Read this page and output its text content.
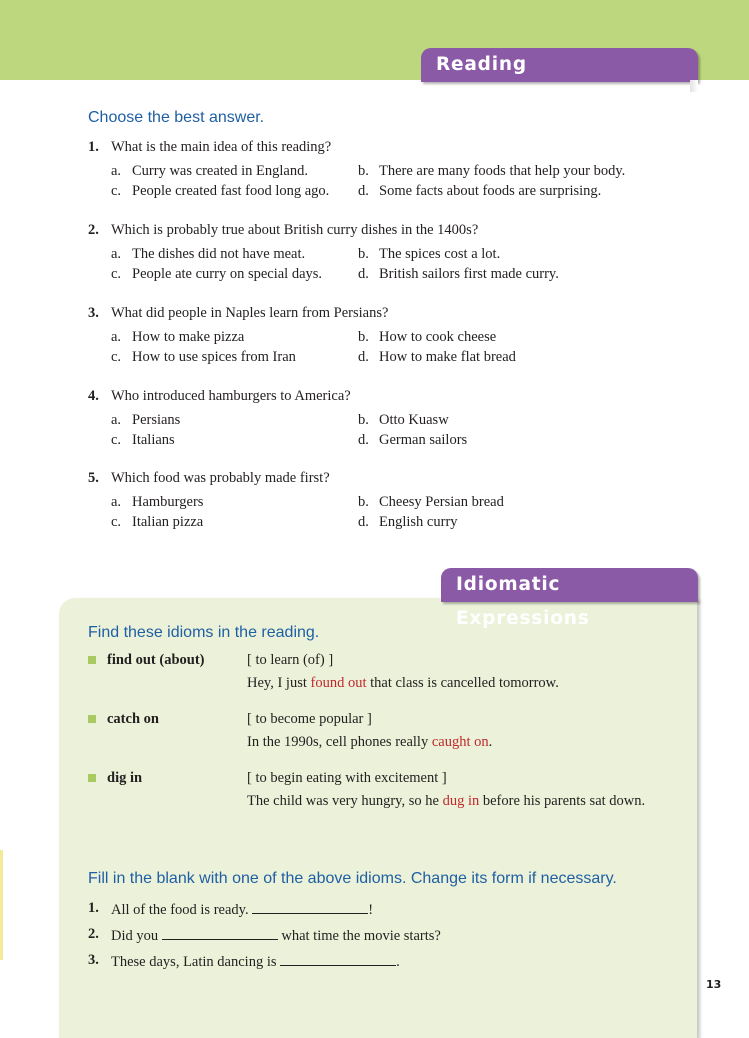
Reading Comprehension
Choose the best answer.
1. What is the main idea of this reading?
a. Curry was created in England.	b. There are many foods that help your body.
c. People created fast food long ago. d. Some facts about foods are surprising.
2. Which is probably true about British curry dishes in the 1400s?
a. The dishes did not have meat.	b. The spices cost a lot.
c. People ate curry on special days. d. British sailors first made curry.
3. What did people in Naples learn from Persians?
a. How to make pizza	b. How to cook cheese
c. How to use spices from Iran	d. How to make flat bread
4. Who introduced hamburgers to America?
a. Persians	b. Otto Kuasw
c. Italians	d. German sailors
5. Which food was probably made first?
a. Hamburgers	b. Cheesy Persian bread
c. Italian pizza	d. English curry
Idiomatic Expressions
Find these idioms in the reading.
find out (about)	[ to learn (of) ]
Hey, I just found out that class is cancelled tomorrow.
catch on	[ to become popular ]
In the 1990s, cell phones really caught on.
dig in	[ to begin eating with excitement ]
The child was very hungry, so he dug in before his parents sat down.
Fill in the blank with one of the above idioms. Change its form if necessary.
1. All of the food is ready.	!
2. Did you	what time the movie starts?
3. These days, Latin dancing is	.
13
